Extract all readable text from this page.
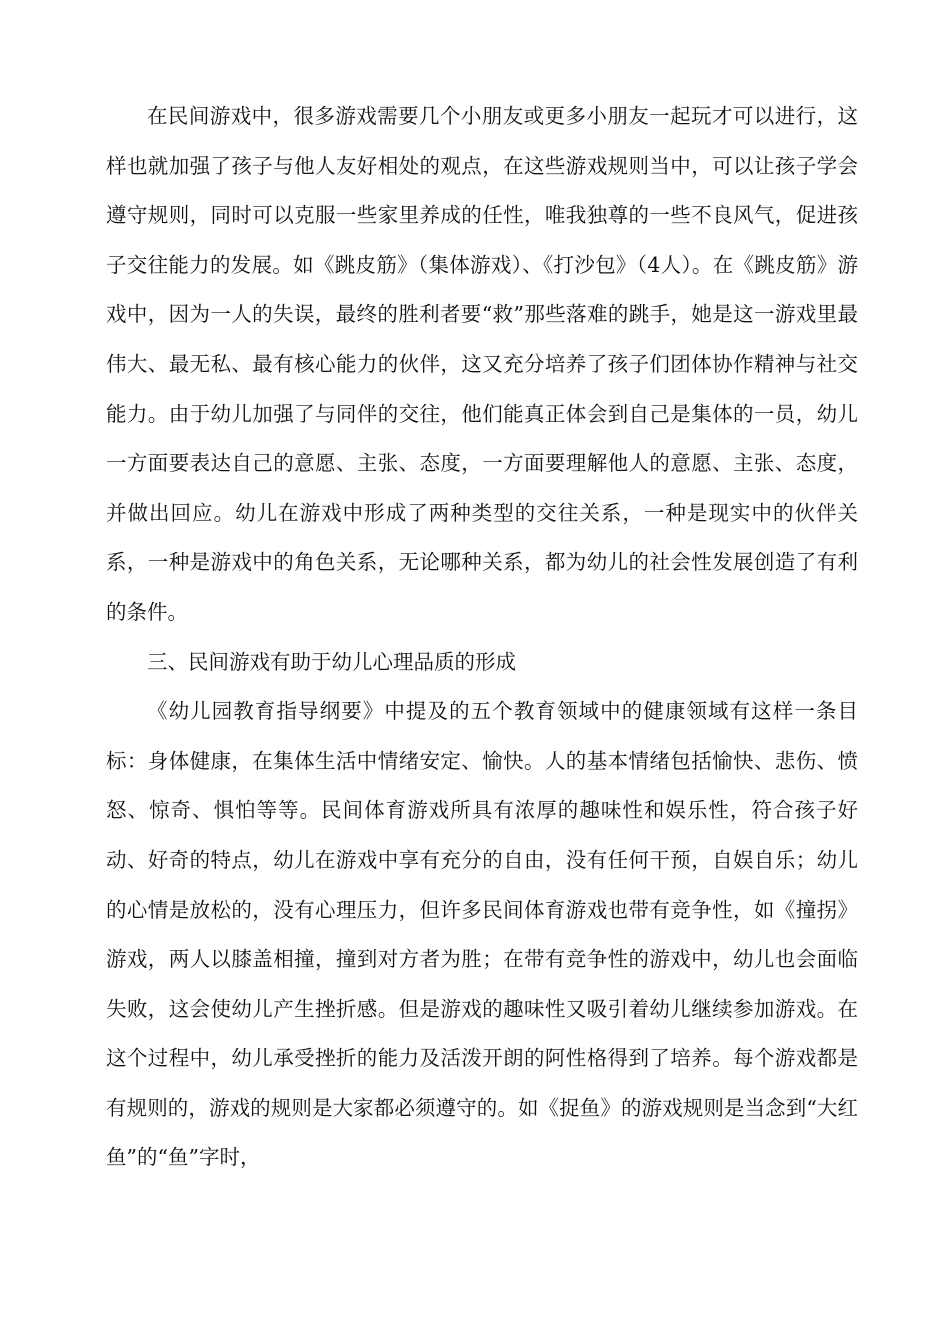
在民间游戏中，很多游戏需要几个小朋友或更多小朋友一起玩才可以进行，这样也就加强了孩子与他人友好相处的观点，在这些游戏规则当中，可以让孩子学会遵守规则，同时可以克服一些家里养成的任性，唯我独尊的一些不良风气，促进孩子交往能力的发展。如《跳皮筋》（集体游戏）、《打沙包》（4人）。在《跳皮筋》游戏中，因为一人的失误，最终的胜利者要“救”那些落难的跳手，她是这一游戏里最伟大、最无私、最有核心能力的伙伴，这又充分培养了孩子们团体协作精神与社交能力。由于幼儿加强了与同伴的交往，他们能真正体会到自己是集体的一员，幼儿一方面要表达自己的意愿、主张、态度，一方面要理解他人的意愿、主张、态度，并做出回应。幼儿在游戏中形成了两种类型的交往关系，一种是现实中的伙伴关系，一种是游戏中的角色关系，无论哪种关系，都为幼儿的社会性发展创造了有利的条件。

三、民间游戏有助于幼儿心理品质的形成

《幼儿园教育指导纲要》中提及的五个教育领域中的健康领域有这样一条目标：身体健康，在集体生活中情绪安定、愉快。人的基本情绪包括愉快、悲伤、愤怒、惊奇、惧怕等等。民间体育游戏所具有浓厚的趣味性和娱乐性，符合孩子好动、好奇的特点，幼儿在游戏中享有充分的自由，没有任何干预，自娱自乐；幼儿的心情是放松的，没有心理压力，但许多民间体育游戏也带有竞争性，如《撞拐》游戏，两人以膝盖相撞，撞到对方者为胜；在带有竞争性的游戏中，幼儿也会面临失败，这会使幼儿产生挫折感。但是游戏的趣味性又吸引着幼儿继续参加游戏。在这个过程中，幼儿承受挫折的能力及活泼开朗的阿性格得到了培养。每个游戏都是有规则的，游戏的规则是大家都必须遵守的。如《捉鱼》的游戏规则是当念到“大红鱼”的“鱼”字时，
